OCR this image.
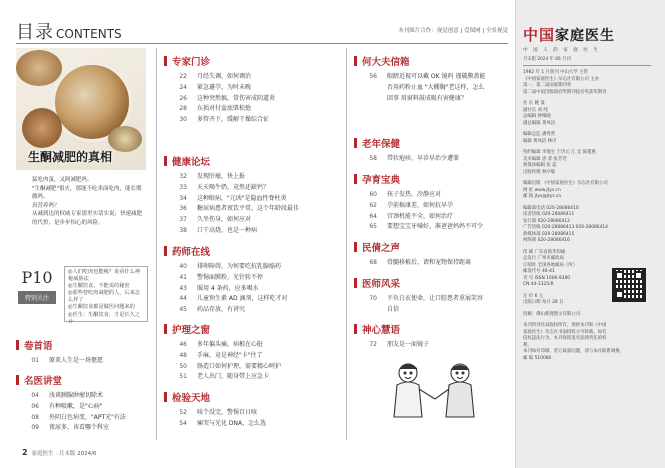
目录 CONTENTS	本刊图片合作：视觉创意 | 壹图网 | 全景视觉
生酮减肥的真相

猛吃肉蛋，又阿减肥吗。

"生酮减肥"很火，那能不吃米面吃肉，能长期做吗。

真营养吗？

从减到达的权威专家那里实话实说；快速减肥的代价，是步步惊心的风险。

P10
特别关注
◎人们吃肉也能瘦？说看什么神秘威胁法
◎生酮饮食，不能说的秘密
◎那些曾吃肉减肥的人，后来怎么样了
◎生酮饮食都是做医问题来的
◎医生：生酮饮食，才是长久之计
卷首语
01 原来人生是一场惬愿
名医讲堂
04 浅谈胰腺肿瘤切除术
06 有种吸嗽，是"心病"
08 外阴白色病变，"APT光"有法
09 夜尿多，该看哪个科室
专家门诊
22 月经失调，如何调治
24 紧急避孕，为时未晚
26 这种突然搞，常伤害成阴道炎
28 东损对付盆底肌松弛
30 多管齐下，缓解干燥综合征
健康论坛
32 发现肝瘤，快上报
33 天天喝牛奶，竟然还缺钙？
34 这种眼病，"元凶"是隐血性脊柱炎
36 糖尿病患者夜饮平常，这个年龄段最佳
37 久坐伤身，如何应对
38 口干高烧，也是一种病
药师在线
40 排卵障碍，为何要吃抗乳腺癌药
41 警惕面膜粉，光针转不停
43 服用 4 条药，应多喝水
44 儿童预生素 AD 滴剂，这样吃才对
45 药品存放，有讲究
护理之窗
46 多年偏头痛，病根在心脏
48 手麻，竟是神经"卡"住了
50 肠造口如何护理，需要精心呵护
51 老人出门，随身带上应急卡
检验天地
52 咳个没完，警惕百日咳
54 痛哭与光化 DNA，怎么选
何大夫信箱
56 眼睛近视可以戴 OK 镜吗 谨破膜盖能否用药粉止血 "大棚胸"老这样，怎么回事 用窗料鼓成吸有害健康？
老年保健
58 带状疱疹，早诊早治少遭罪
孕育宝典
60 孩子发热，冷静应对
62 孕前搞康差，如何抗早孕
64 宫颈机能不全，如何治疗
65 要想宝宝牙嗓好，准爸爸妈妈不可少
民倩之声
68 骨髓移植后，请和宠物保持距离
医师风采
70 不负白衣使命，让口腔患者重展笑容自信
神心慧语
72 朋友是一面镜子
2 家庭医生 · 月末版 2024/6
中国家庭医生
中 国 人 的 家 庭 医 生
月末版 2024 年 06 月刊
1982 年 1 月创刊 中山大学 主管
《中国家庭医生》杂志社有限公司 主办
第一、第二届国家期刊奖
第二届中国出版政府奖期刊提名奖获奖期刊
社 长 姚 曼
副社长 刘 纯
总编辑 钟细晓
副总编辑 黄凤洁
编辑总监 潘秀贤
编辑 黄凤洁 林序
特约编辑 李逸生 于济元 江 宜 陈瑾惠
美术编辑 唐 菁 张芳若
新媒体编辑 张 蕊
出版经理 林序敏
编辑出版 《中国家庭医生》杂志社有限公司
网 址 www.jtys.cn
邮 箱 jtys@jtys.cn
编辑部电话 020-28086410
读者热线 020-28086411
发行部 020-28086412
广告热线 020-28086413 020-28086414
新媒体部 020-28086415
网络部 020-28086416
印 刷 广东省新华印刷
总发行 广州市邮政局
订阅处 全国各地邮局（所）
邮发代号 46-41
刊 号 ISSN 1006-9380
CN 44-1325/R
定 价 6 元
出版日期 每月 28 日
投稿：佛山新理图文有限公司
本刊所刊作品版权所有，须经本刊和《中国家庭医生》杂志社书面授权方可转载。如有侵权违法行为，本刊保留追究法律责任的权利。
本刊如有印刷、装订质量问题，请与本社联系调换。
邮 编 510080
